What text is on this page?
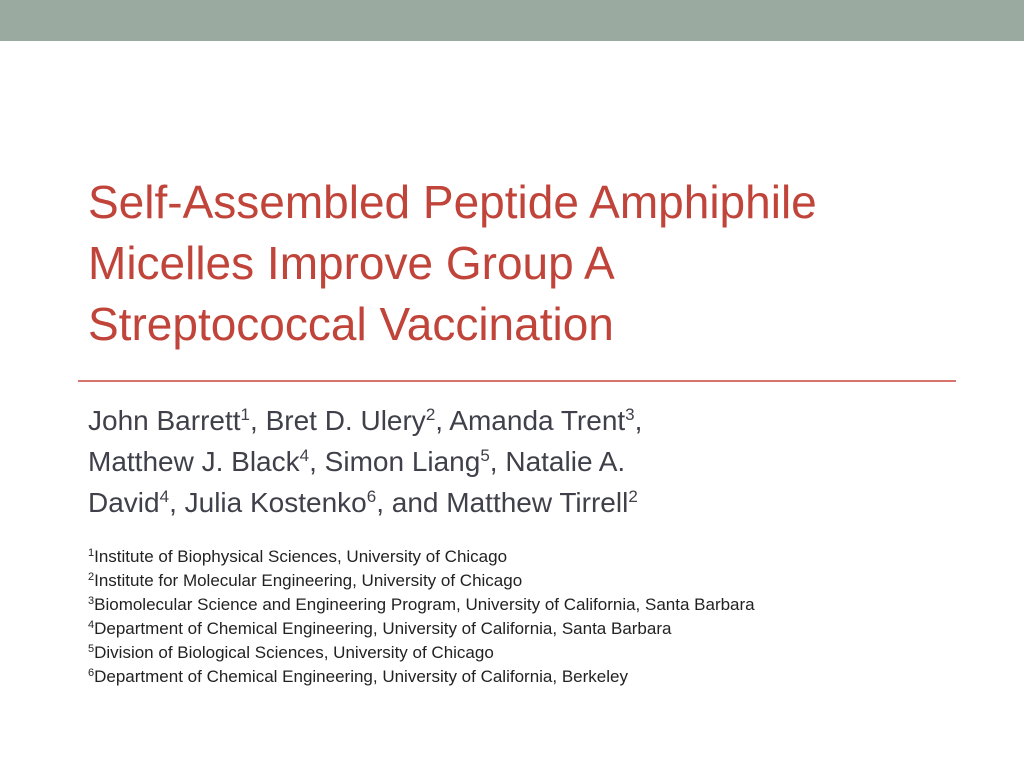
Self-Assembled Peptide Amphiphile
Micelles Improve Group A
Streptococcal Vaccination
John Barrett$^1$, Bret D. Ulery$^2$, Amanda Trent$^3$,
Matthew J. Black$^4$, Simon Liang$^5$, Natalie A.
David$^4$, Julia Kostenko$^6$, and Matthew Tirrell$^2$
$^1$Institute of Biophysical Sciences, University of Chicago
$^2$Institute for Molecular Engineering, University of Chicago
$^3$Biomolecular Science and Engineering Program, University of California, Santa Barbara
$^4$Department of Chemical Engineering, University of California, Santa Barbara
$^5$Division of Biological Sciences, University of Chicago
$^6$Department of Chemical Engineering, University of California, Berkeley
